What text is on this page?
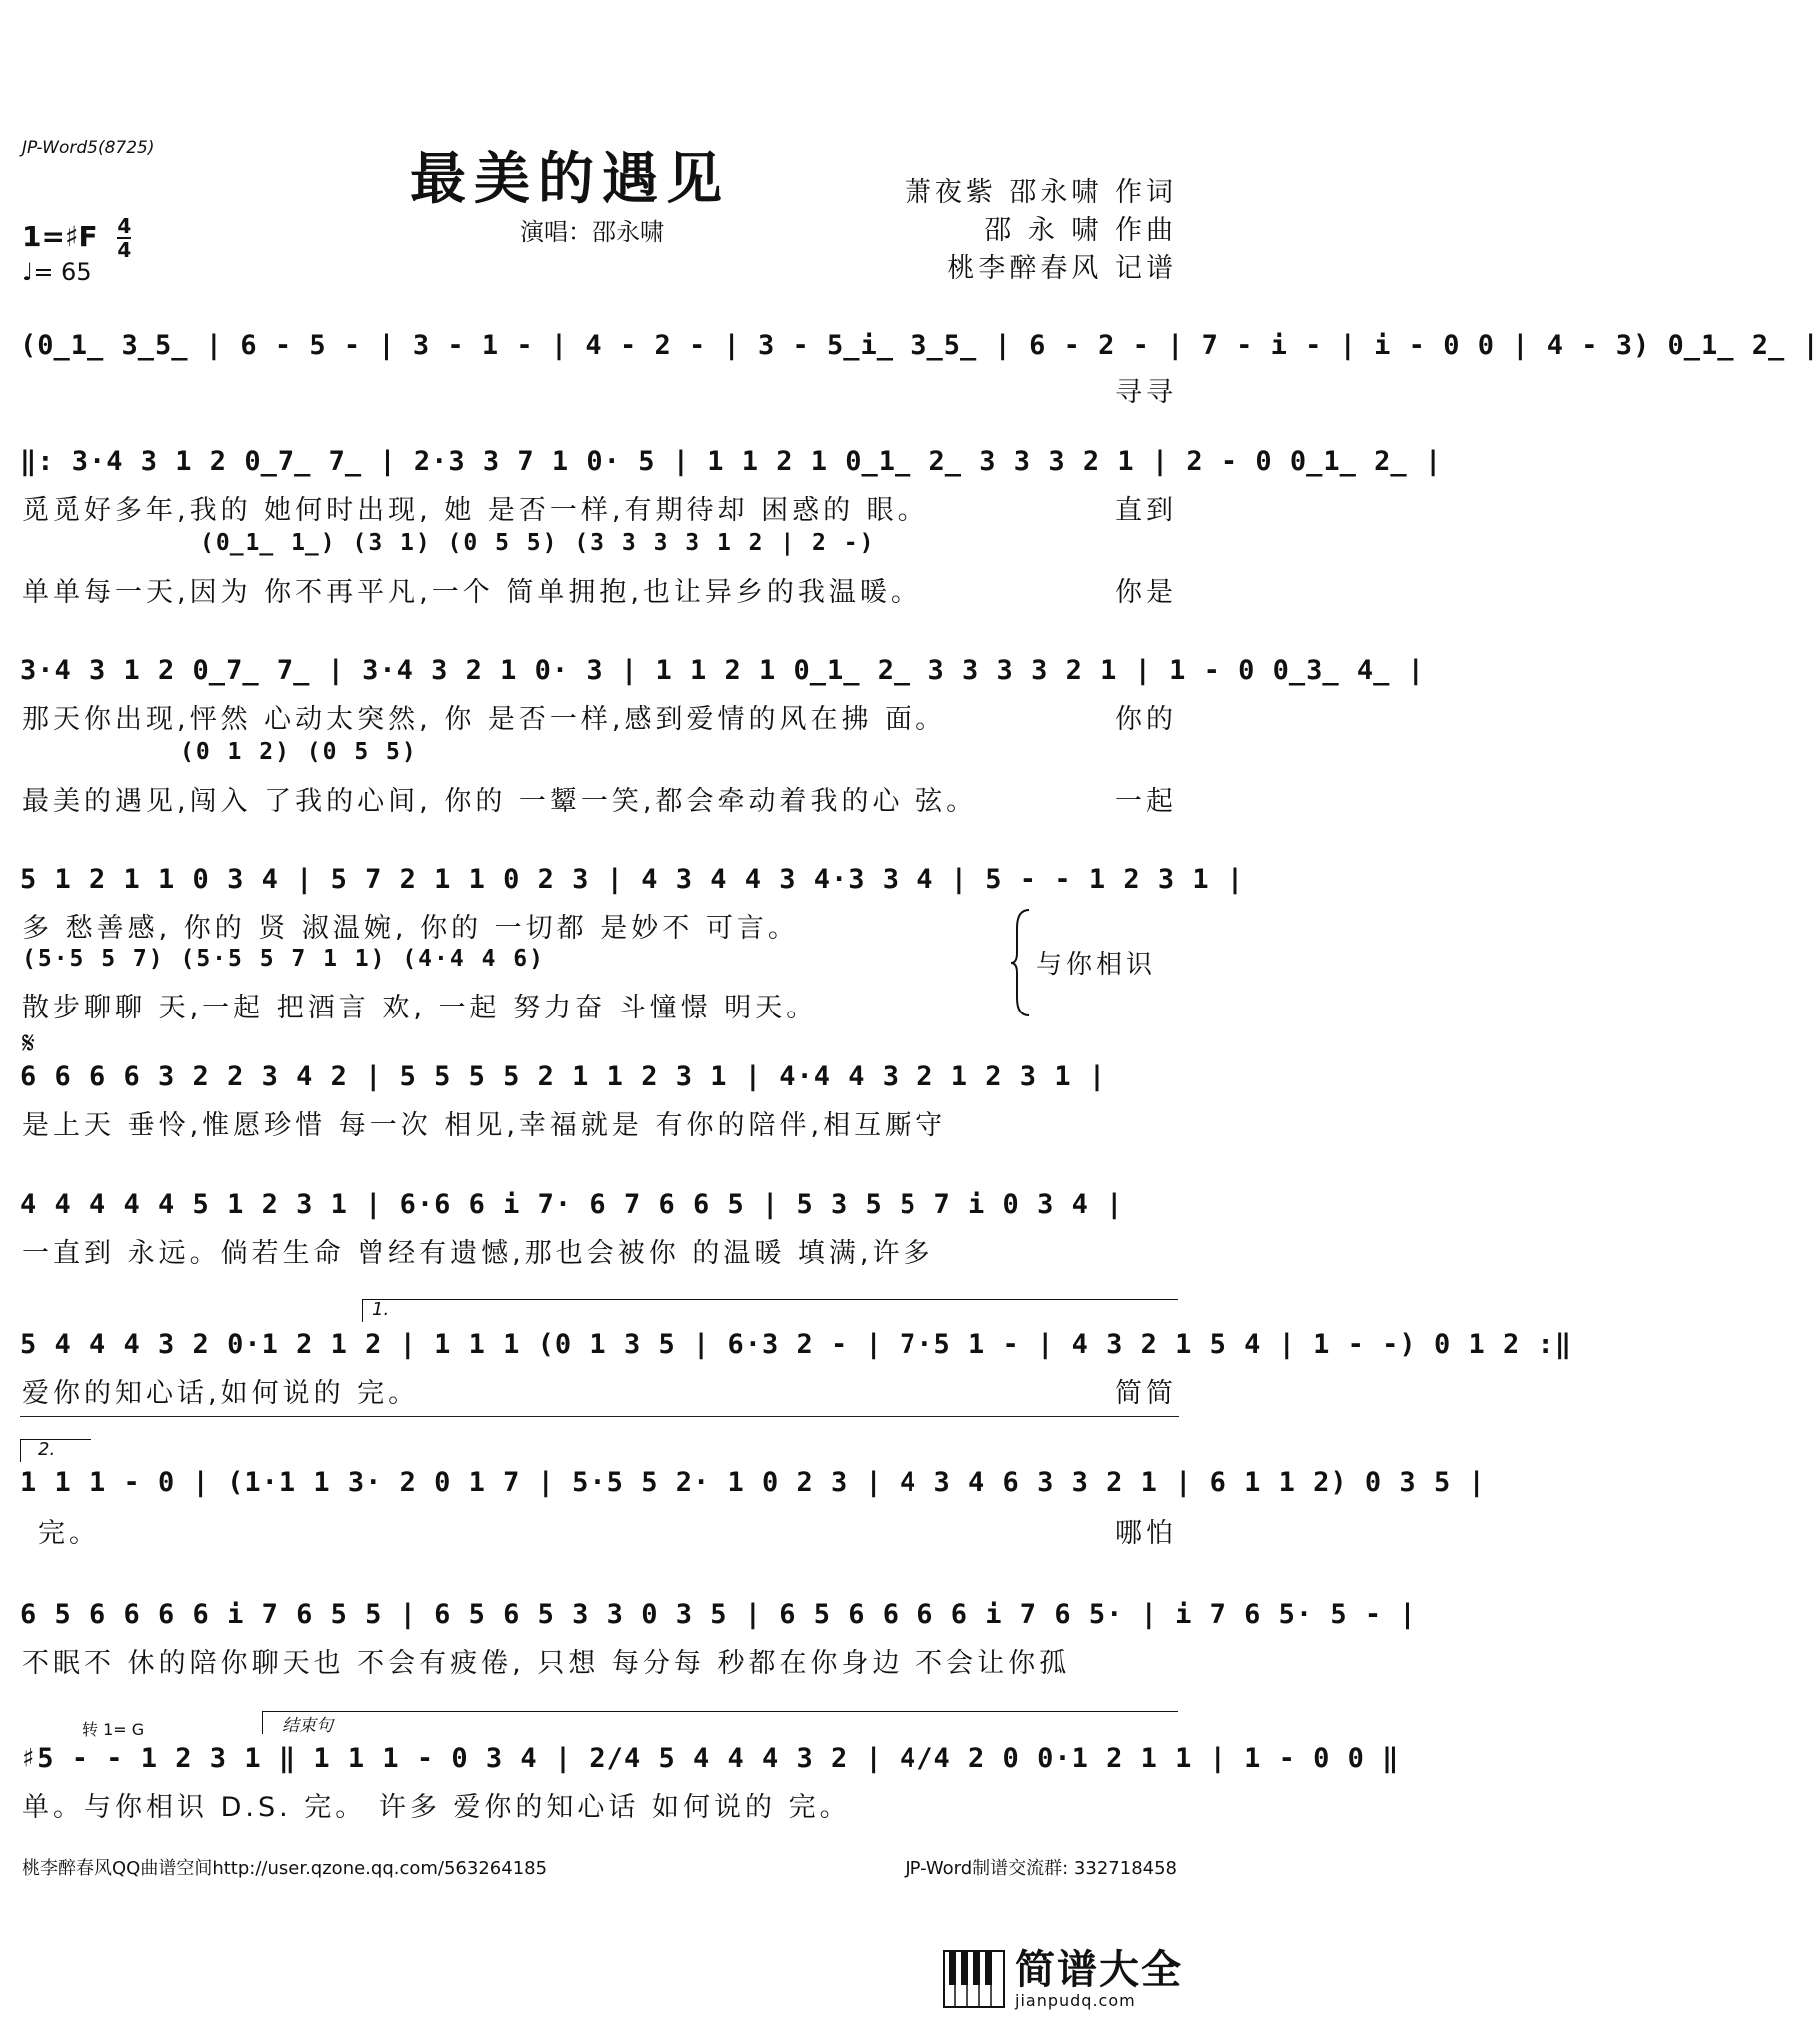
JP-Word5(8725)	最美的遇见
演唱：邵永啸
萧夜紫 邵永啸 作词
邵 永 啸 作曲
桃李醉春风 记谱
1=♯F $\frac{4}{4}$
♩= 65
(0̲1̲ 3̲5̲ | 6 - 5 - | 3 - 1 - | 4 - 2 - | 3 - 5̲i̲ 3̲5̲ | 6 - 2 - | 7 - i - | i - 0 0 | 4 - 3) 0̲1̲ 2̲ |
寻寻
‖: 3·4 3 1 2 0̲7̲ 7̲ | 2·3 3 7 1 0· 5 | 1 1 2 1 0̲1̲ 2̲ 3 3 3 2 1 | 2 - 0 0̲1̲ 2̲ |
觅觅好多年,我的 她何时出现, 她 是否一样,有期待却 困惑的 眼。	直到
(0̲1̲ 1̲) (3 1) (0 5 5) (3 3 3 3 1 2 | 2 -)
单单每一天,因为 你不再平凡,一个 简单拥抱,也让异乡的我温暖。	你是
3·4 3 1 2 0̲7̲ 7̲ | 3·4 3 2 1 0· 3 | 1 1 2 1 0̲1̲ 2̲ 3 3 3 3 2 1 | 1 - 0 0̲3̲ 4̲ |
那天你出现,怦然 心动太突然, 你 是否一样,感到爱情的风在拂 面。	你的
(0 1 2) (0 5 5)
最美的遇见,闯入 了我的心间, 你的 一颦一笑,都会牵动着我的心 弦。	一起
5 1 2 1 1 0 3 4 | 5 7 2 1 1 0 2 3 | 4 3 4 4 3 4·3 3 4 | 5 - - 1 2 3 1 |
多 愁善感, 你的 贤 淑温婉, 你的 一切都 是妙不 可言。
(5·5 5 7) (5·5 5 7 1 1) (4·4 4 6)
散步聊聊 天,一起 把酒言 欢, 一起 努力奋 斗憧憬 明天。
与你相识
𝄋
6 6 6 6 3 2 2 3 4 2 | 5 5 5 5 2 1 1 2 3 1 | 4·4 4 3 2 1 2 3 1 |
是上天 垂怜,惟愿珍惜 每一次 相见,幸福就是 有你的陪伴,相互厮守
4 4 4 4 4 5 1 2 3 1 | 6·6 6 i 7· 6 7 6 6 5 | 5 3 5 5 7 i 0 3 4 |
一直到 永远。倘若生命 曾经有遗憾,那也会被你 的温暖 填满,许多
1.
5 4 4 4 3 2 0·1 2 1 2 | 1 1 1 (0 1 3 5 | 6·3 2 - | 7·5 1 - | 4 3 2 1 5 4 | 1 - -) 0 1 2 :‖
爱你的知心话,如何说的 完。	简简
2.
1 1 1 - 0 | (1·1 1 3· 2 0 1 7 | 5·5 5 2· 1 0 2 3 | 4 3 4 6 3 3 2 1 | 6 1 1 2) 0 3 5 |
完。	哪怕
6 5 6 6 6 6 i 7 6 5 5 | 6 5 6 5 3 3 0 3 5 | 6 5 6 6 6 6 i 7 6 5· | i 7 6 5· 5 - |
不眠不 休的陪你聊天也 不会有疲倦, 只想 每分每 秒都在你身边 不会让你孤
转 1= G	结束句
♯5 - - 1 2 3 1 ‖ 1 1 1 - 0 3 4 | 2/4 5 4 4 4 3 2 | 4/4 2 0 0·1 2 1 1 | 1 - 0 0 ‖
单。与你相识 D.S. 完。 许多 爱你的知心话 如何说的 完。
桃李醉春风QQ曲谱空间http://user.qzone.qq.com/563264185	JP-Word制谱交流群: 332718458
简谱大全
jianpudq.com
